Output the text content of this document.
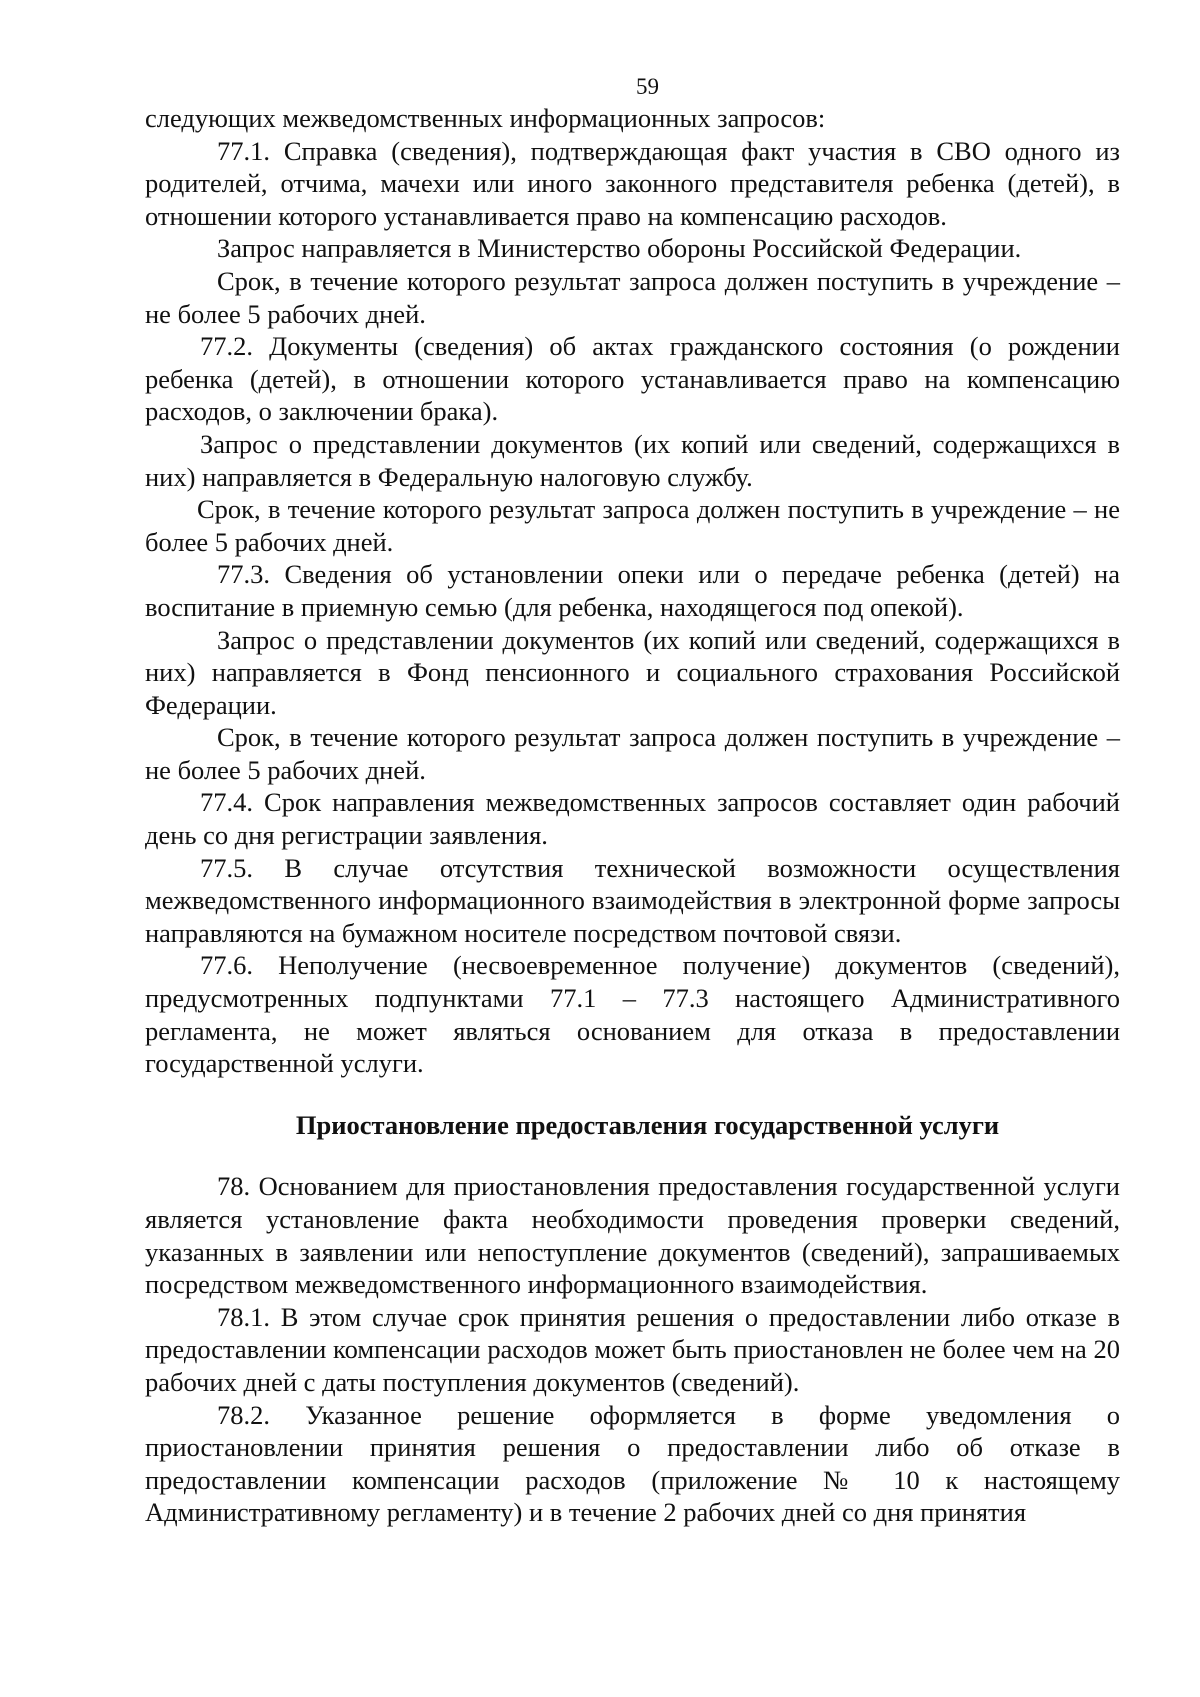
59

следующих межведомственных информационных запросов:

77.1. Справка (сведения), подтверждающая факт участия в СВО одного из родителей, отчима, мачехи или иного законного представителя ребенка (детей), в отношении которого устанавливается право на компенсацию расходов.

Запрос направляется в Министерство обороны Российской Федерации.

Срок, в течение которого результат запроса должен поступить в учреждение – не более 5 рабочих дней.

77.2. Документы (сведения) об актах гражданского состояния (о рождении ребенка (детей), в отношении которого устанавливается право на компенсацию расходов, о заключении брака).

Запрос о представлении документов (их копий или сведений, содержащихся в них) направляется в Федеральную налоговую службу.

Срок, в течение которого результат запроса должен поступить в учреждение – не более 5 рабочих дней.

77.3. Сведения об установлении опеки или о передаче ребенка (детей) на воспитание в приемную семью (для ребенка, находящегося под опекой).

Запрос о представлении документов (их копий или сведений, содержащихся в них) направляется в Фонд пенсионного и социального страхования Российской Федерации.

Срок, в течение которого результат запроса должен поступить в учреждение – не более 5 рабочих дней.

77.4. Срок направления межведомственных запросов составляет один рабочий день со дня регистрации заявления.

77.5. В случае отсутствия технической возможности осуществления межведомственного информационного взаимодействия в электронной форме запросы направляются на бумажном носителе посредством почтовой связи.

77.6. Неполучение (несвоевременное получение) документов (сведений), предусмотренных подпунктами 77.1 – 77.3 настоящего Административного регламента, не может являться основанием для отказа в предоставлении государственной услуги.

Приостановление предоставления государственной услуги

78. Основанием для приостановления предоставления государственной услуги является установление факта необходимости проведения проверки сведений, указанных в заявлении или непоступление документов (сведений), запрашиваемых посредством межведомственного информационного взаимодействия.

78.1. В этом случае срок принятия решения о предоставлении либо отказе в предоставлении компенсации расходов может быть приостановлен не более чем на 20 рабочих дней с даты поступления документов (сведений).

78.2. Указанное решение оформляется в форме уведомления о приостановлении принятия решения о предоставлении либо об отказе в предоставлении компенсации расходов (приложение № 10 к настоящему Административному регламенту) и в течение 2 рабочих дней со дня принятия
